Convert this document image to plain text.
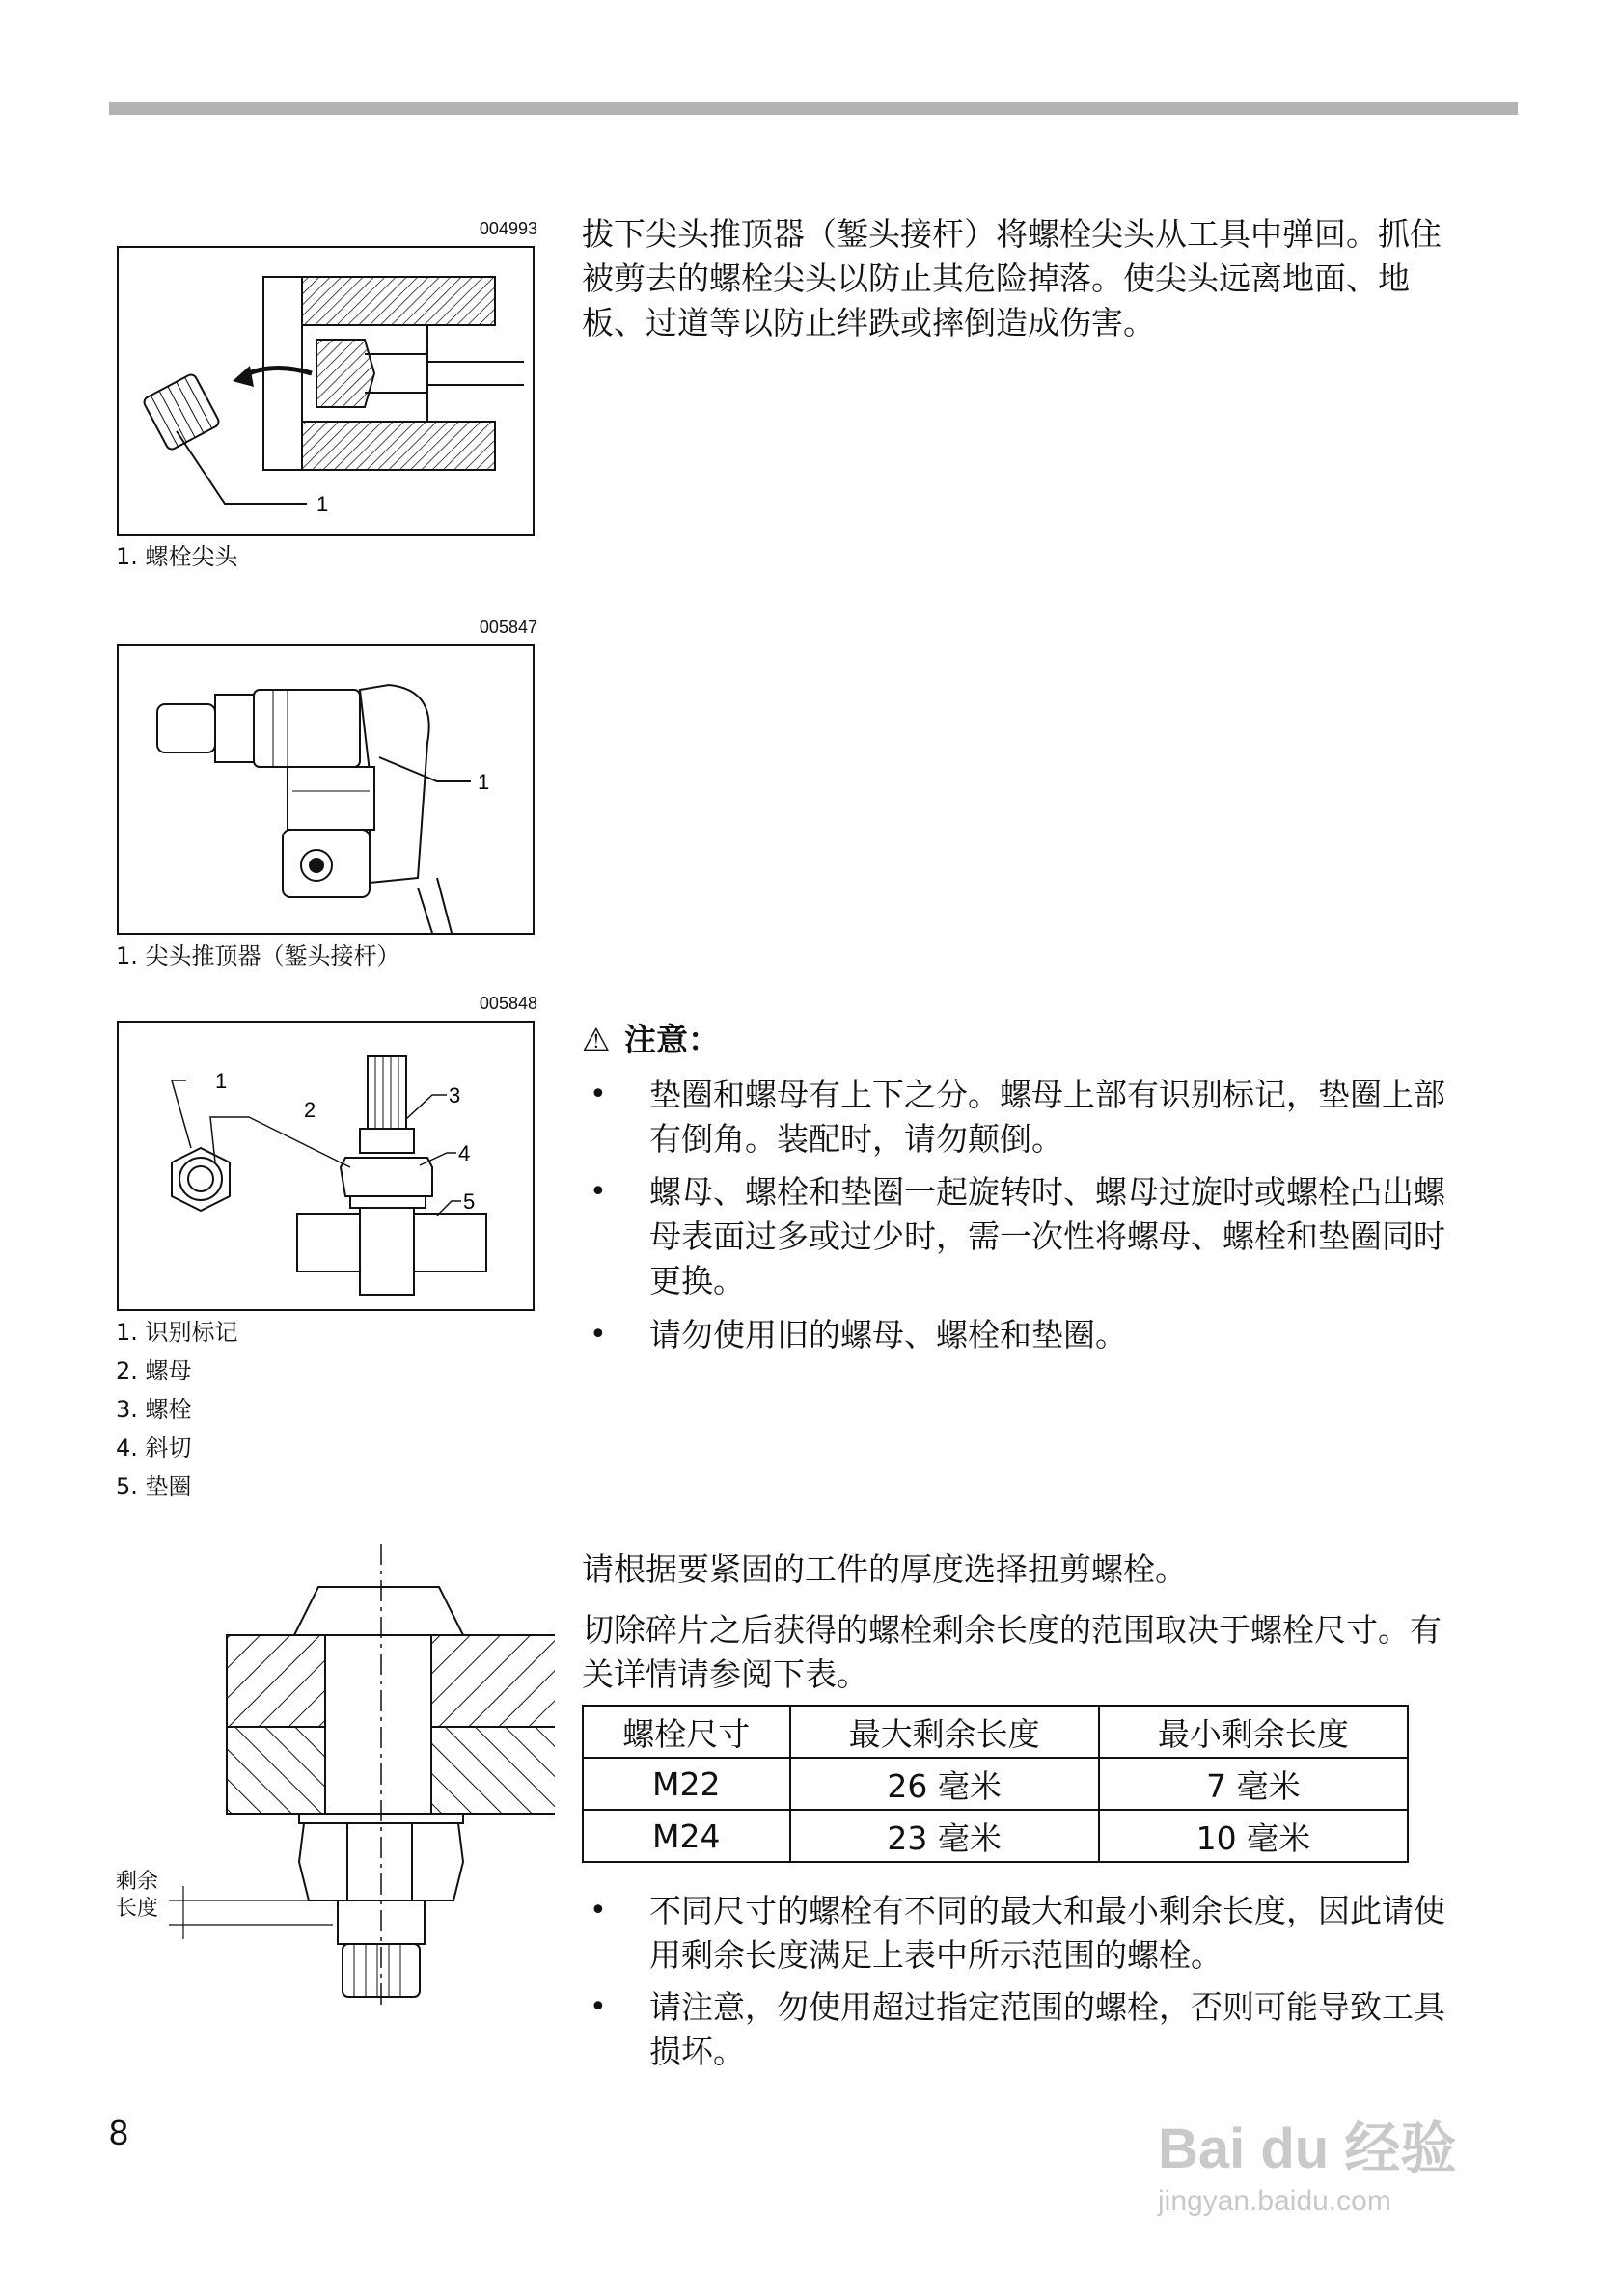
004993
1
1. 螺栓尖头
005847
1
1. 尖头推顶器（錾头接杆）
005848
1
2
3
4
5
1. 识别标记
2. 螺母
3. 螺栓
4. 斜切
5. 垫圈
剩余
长度
拔下尖头推顶器（錾头接杆）将螺栓尖头从工具中弹回。抓住
被剪去的螺栓尖头以防止其危险掉落。使尖头远离地面、地
板、过道等以防止绊跌或摔倒造成伤害。
⚠ 注意：
• 垫圈和螺母有上下之分。螺母上部有识别标记，垫圈上部
有倒角。装配时，请勿颠倒。
• 螺母、螺栓和垫圈一起旋转时、螺母过旋时或螺栓凸出螺
母表面过多或过少时，需一次性将螺母、螺栓和垫圈同时
更换。
• 请勿使用旧的螺母、螺栓和垫圈。
请根据要紧固的工件的厚度选择扭剪螺栓。
切除碎片之后获得的螺栓剩余长度的范围取决于螺栓尺寸。有
关详情请参阅下表。
螺栓尺寸	最大剩余长度	最小剩余长度
M22	26 毫米	7 毫米
M24	23 毫米	10 毫米
• 不同尺寸的螺栓有不同的最大和最小剩余长度，因此请使
用剩余长度满足上表中所示范围的螺栓。
• 请注意，勿使用超过指定范围的螺栓，否则可能导致工具
损坏。
8	Bai du 经验
jingyan.baidu.com
